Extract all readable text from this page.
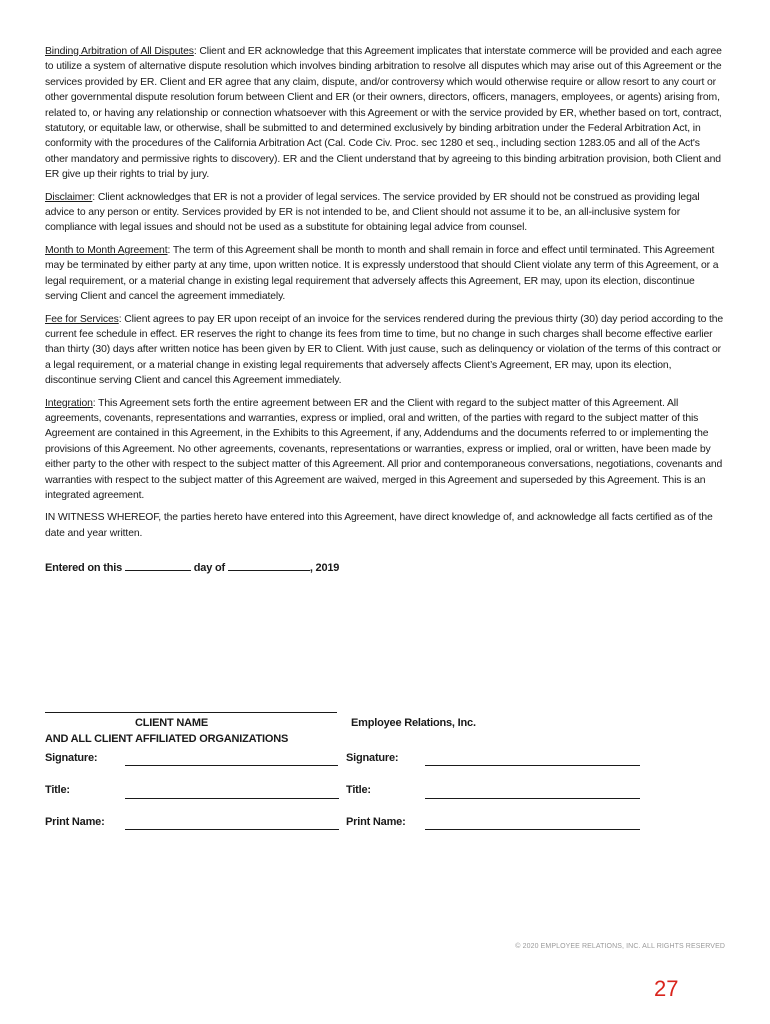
Binding Arbitration of All Disputes: Client and ER acknowledge that this Agreement implicates that interstate commerce will be provided and each agree to utilize a system of alternative dispute resolution which involves binding arbitration to resolve all disputes which may arise out of this Agreement or the services provided by ER. Client and ER agree that any claim, dispute, and/or controversy which would otherwise require or allow resort to any court or other governmental dispute resolution forum between Client and ER (or their owners, directors, officers, managers, employees, or agents) arising from, related to, or having any relationship or connection whatsoever with this Agreement or with the service provided by ER, whether based on tort, contract, statutory, or equitable law, or otherwise, shall be submitted to and determined exclusively by binding arbitration under the Federal Arbitration Act, in conformity with the procedures of the California Arbitration Act (Cal. Code Civ. Proc. sec 1280 et seq., including section 1283.05 and all of the Act's other mandatory and permissive rights to discovery). ER and the Client understand that by agreeing to this binding arbitration provision, both Client and ER give up their rights to trial by jury.

Disclaimer: Client acknowledges that ER is not a provider of legal services. The service provided by ER should not be construed as providing legal advice to any person or entity. Services provided by ER is not intended to be, and Client should not assume it to be, an all-inclusive system for compliance with legal issues and should not be used as a substitute for obtaining legal advice from counsel.

Month to Month Agreement: The term of this Agreement shall be month to month and shall remain in force and effect until terminated. This Agreement may be terminated by either party at any time, upon written notice. It is expressly understood that should Client violate any term of this Agreement, or a legal requirement, or a material change in existing legal requirement that adversely affects this Agreement, ER may, upon its election, discontinue serving Client and cancel the agreement immediately.

Fee for Services: Client agrees to pay ER upon receipt of an invoice for the services rendered during the previous thirty (30) day period according to the current fee schedule in effect. ER reserves the right to change its fees from time to time, but no change in such charges shall become effective earlier than thirty (30) days after written notice has been given by ER to Client. With just cause, such as delinquency or violation of the terms of this contract or a legal requirement, or a material change in existing legal requirements that adversely affects Client’s Agreement, ER may, upon its election, discontinue serving Client and cancel this Agreement immediately.

Integration: This Agreement sets forth the entire agreement between ER and the Client with regard to the subject matter of this Agreement. All agreements, covenants, representations and warranties, express or implied, oral and written, of the parties with regard to the subject matter of this Agreement are contained in this Agreement, in the Exhibits to this Agreement, if any, Addendums and the documents referred to or implementing the provisions of this Agreement. No other agreements, covenants, representations or warranties, express or implied, oral or written, have been made by either party to the other with respect to the subject matter of this Agreement. All prior and contemporaneous conversations, negotiations, covenants and warranties with respect to the subject matter of this Agreement are waived, merged in this Agreement and superseded by this Agreement. This is an integrated agreement.

IN WITNESS WHEREOF, the parties hereto have entered into this Agreement, have direct knowledge of, and acknowledge all facts certified as of the date and year written.

Entered on this	day of	, 2019
CLIENT NAME
AND ALL CLIENT AFFILIATED ORGANIZATIONS
Employee Relations, Inc.
Signature:	Signature:
Title:	Title:
Print Name:	Print Name:
© 2020 EMPLOYEE RELATIONS, INC. ALL RIGHTS RESERVED
27
